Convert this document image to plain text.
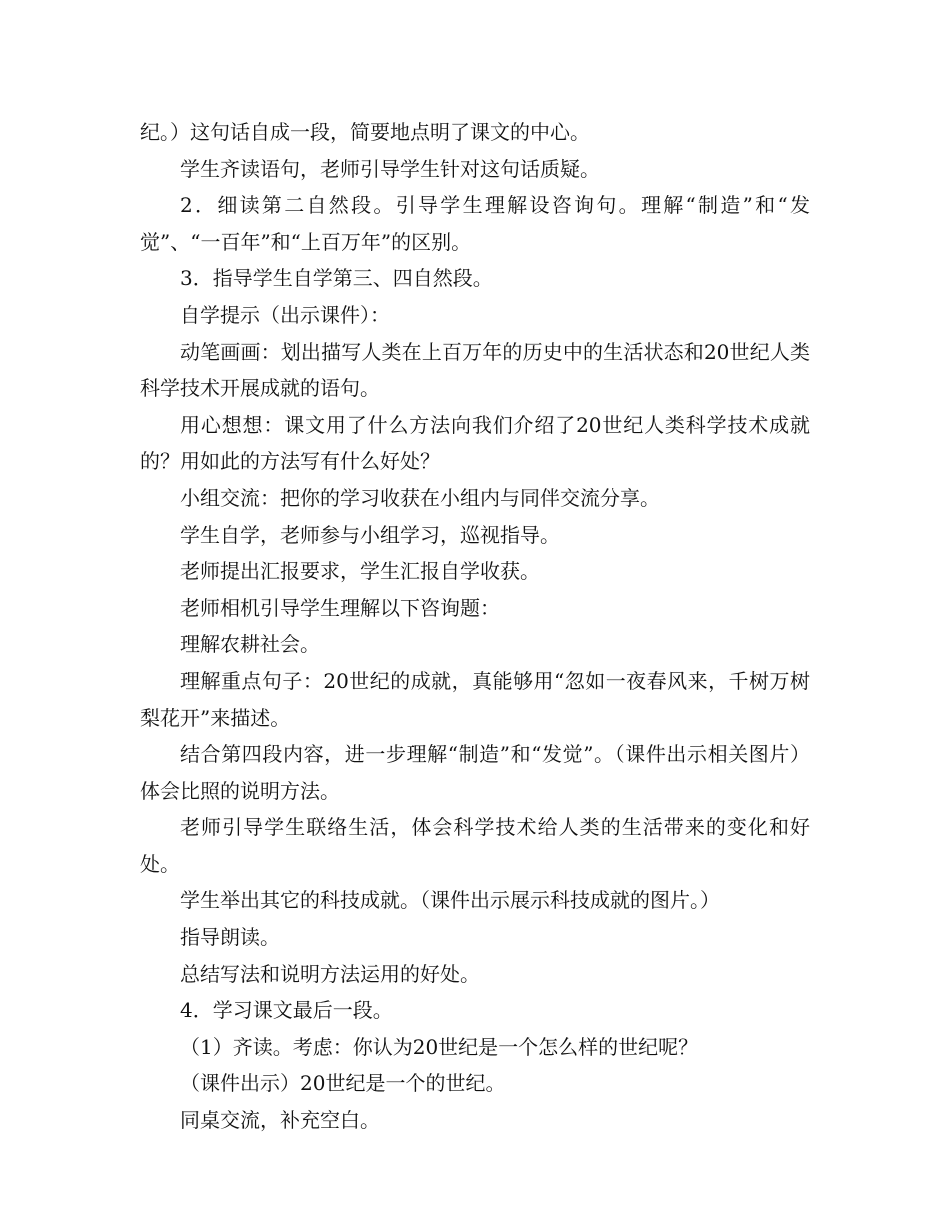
纪。）这句话自成一段，简要地点明了课文的中心。

学生齐读语句，老师引导学生针对这句话质疑。

2．细读第二自然段。引导学生理解设咨询句。理解“制造”和“发觉”、“一百年”和“上百万年”的区别。

3．指导学生自学第三、四自然段。

自学提示（出示课件）：

动笔画画：划出描写人类在上百万年的历史中的生活状态和20世纪人类科学技术开展成就的语句。

用心想想：课文用了什么方法向我们介绍了20世纪人类科学技术成就的？用如此的方法写有什么好处？

小组交流：把你的学习收获在小组内与同伴交流分享。

学生自学，老师参与小组学习，巡视指导。

老师提出汇报要求，学生汇报自学收获。

老师相机引导学生理解以下咨询题：

理解农耕社会。

理解重点句子：20世纪的成就，真能够用“忽如一夜春风来，千树万树梨花开”来描述。

结合第四段内容，进一步理解“制造”和“发觉”。（课件出示相关图片）体会比照的说明方法。

老师引导学生联络生活，体会科学技术给人类的生活带来的变化和好处。

学生举出其它的科技成就。（课件出示展示科技成就的图片。）

指导朗读。

总结写法和说明方法运用的好处。

4．学习课文最后一段。

（1）齐读。考虑：你认为20世纪是一个怎么样的世纪呢？

（课件出示）20世纪是一个的世纪。

同桌交流，补充空白。
